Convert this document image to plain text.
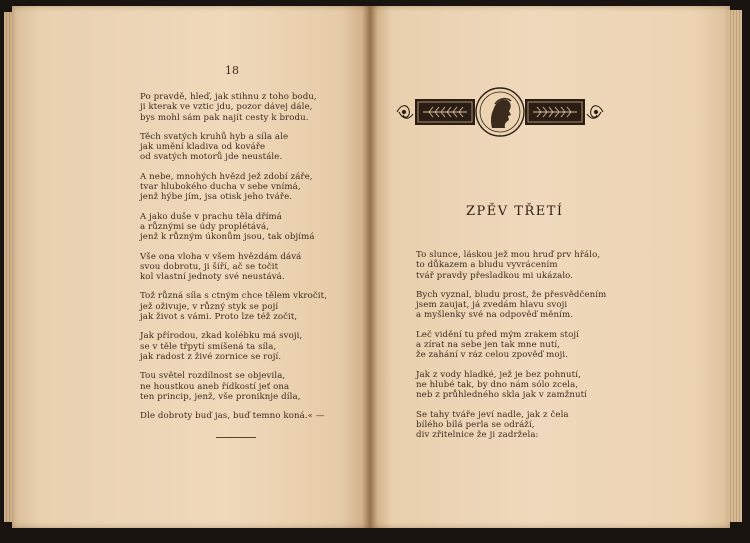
18
Po pravdě, hleď, jak stihnu z toho bodu,
ji kterak ve vztic jdu, pozor dávej dále,
bys mohl sám pak najít cesty k brodu.
Těch svatých kruhů hyb a síla ale
jak umění kladiva od kováře
od svatých motorů jde neustále.
A nebe, mnohých hvězd jež zdobí záře,
tvar hlubokého ducha v sebe vnímá,
jenž hýbe jím, jsa otisk jeho tváře.
A jako duše v prachu těla dřímá
a různými se údy proplétává,
jenž k různým úkonům jsou, tak objímá
Vše ona vloha v všem hvězdám dává
svou dobrotu, ji šíří, ač se točit
kol vlastní jednoty své neustává.
Tož různá síla s ctným chce tělem vkročit,
jež oživuje, v různý styk se pojí
jak život s vámi. Proto lze též zočit,
Jak přírodou, zkad kolébku má svoji,
se v těle třpytí smíšená ta síla,
jak radost z živé zornice se rojí.
Tou světel rozdílnost se objevila,
ne houstkou aneb řídkostí jeť ona
ten princip, jenž, vše proniknje díla,
Dle dobroty buď jas, buď temno koná.« —
ZPĚV TŘETÍ
To slunce, láskou jež mou hruď prv hřálo,
to důkazem a bludu vyvrácením
tvář pravdy přesladkou mi ukázalo.
Bych vyznal, bludu prost, že přesvědčením
jsem zaujat, já zvedám hlavu svoji
a myšlenky své na odpověď měním.
Leč vidění tu před mým zrakem stojí
a zírat na sebe jen tak mne nutí,
že zahání v ráz celou zpověď moji.
Jak z vody hladké, jež je bez pohnutí,
ne hlubé tak, by dno nám sólo zcela,
neb z průhledného skla jak v zamžnutí
Se tahy tváře jeví nadle, jak z čela
bílého bílá perla se odráží,
div zřitelnice že ji zadržela:
